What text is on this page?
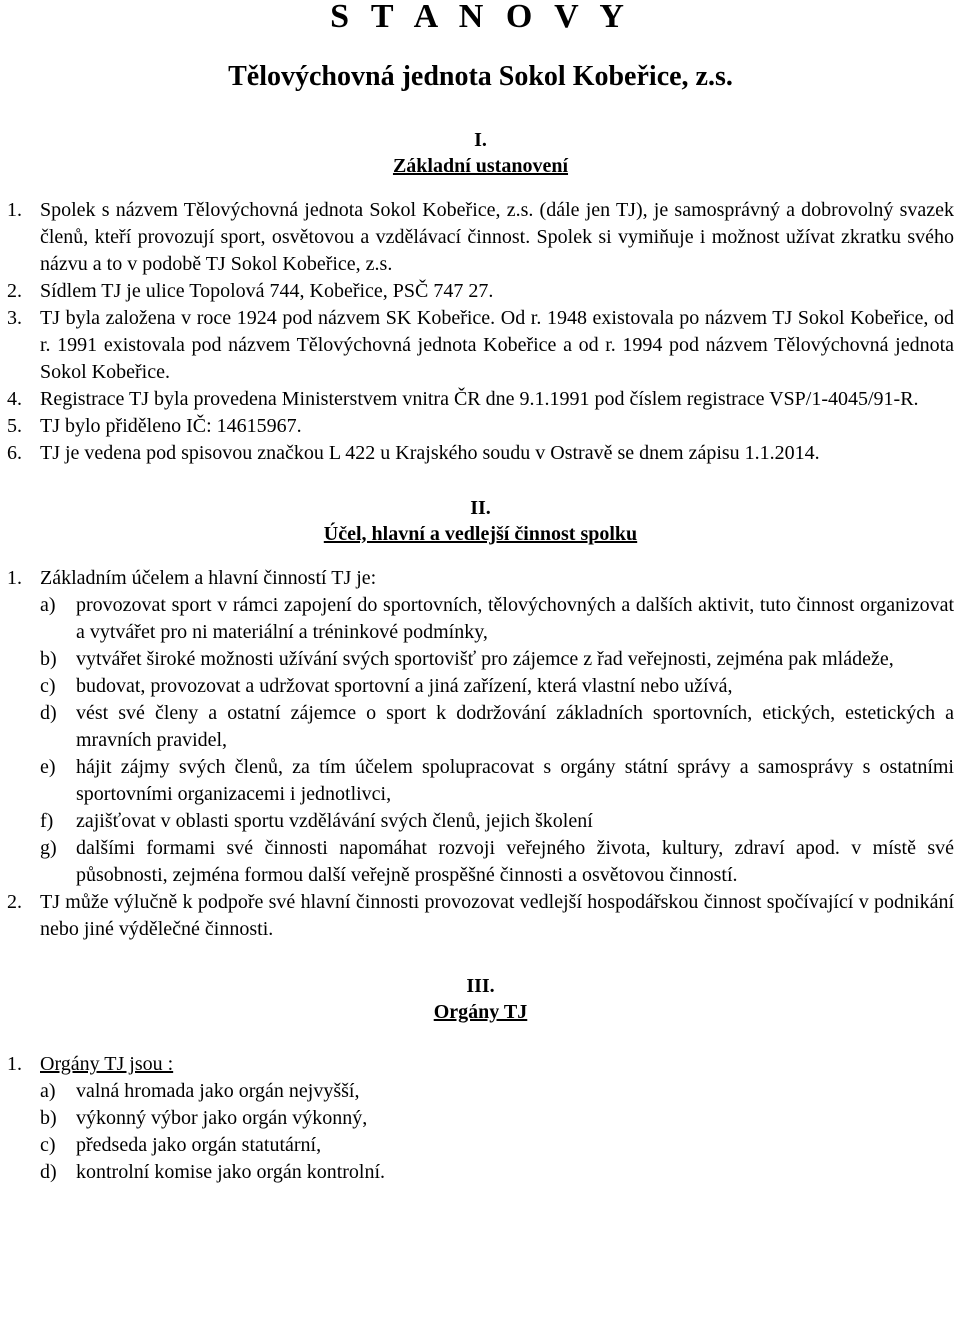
S T A N O V Y
Tělovýchovná jednota Sokol Kobeřice, z.s.
I.
Základní ustanovení
1. Spolek s názvem Tělovýchovná jednota Sokol Kobeřice, z.s. (dále jen TJ), je samosprávný a dobrovolný svazek členů, kteří provozují sport, osvětovou a vzdělávací činnost. Spolek si vymiňuje i možnost užívat zkratku svého názvu a to v podobě TJ Sokol Kobeřice, z.s.
2. Sídlem TJ je ulice Topolová 744, Kobeřice, PSČ 747 27.
3. TJ byla založena v roce 1924 pod názvem SK Kobeřice. Od r. 1948 existovala po názvem TJ Sokol Kobeřice, od r. 1991 existovala pod názvem Tělovýchovná jednota Kobeřice a od r. 1994 pod názvem Tělovýchovná jednota Sokol Kobeřice.
4. Registrace TJ byla provedena Ministerstvem vnitra ČR dne 9.1.1991 pod číslem registrace VSP/1-4045/91-R.
5. TJ bylo přiděleno IČ: 14615967.
6. TJ je vedena pod spisovou značkou L 422 u Krajského soudu v Ostravě se dnem zápisu 1.1.2014.
II.
Účel, hlavní a vedlejší činnost spolku
1. Základním účelem a hlavní činností TJ je:
a)	provozovat sport v rámci zapojení do sportovních, tělovýchovných a dalších aktivit, tuto činnost organizovat a vytvářet pro ni materiální a tréninkové podmínky,
b) vytvářet široké možnosti užívání svých sportovišť pro zájemce z řad veřejnosti, zejména pak mládeže,
c)	budovat, provozovat a udržovat sportovní a jiná zařízení, která vlastní nebo užívá,
d) vést své členy a ostatní zájemce o sport k dodržování základních sportovních, etických, estetických a mravních pravidel,
e)	hájit zájmy svých členů, za tím účelem spolupracovat s orgány státní správy a samosprávy s ostatními sportovními organizacemi i jednotlivci,
f)	zajišťovat v oblasti sportu vzdělávání svých členů, jejich školení
g) dalšími formami své činnosti napomáhat rozvoji veřejného života, kultury, zdraví apod. v místě své působnosti, zejména formou další veřejně prospěšné činnosti a osvětovou činností.
2. TJ může výlučně k podpoře své hlavní činnosti provozovat vedlejší hospodářskou činnost spočívající v podnikání nebo jiné výdělečné činnosti.
III.
Orgány TJ
1. Orgány TJ jsou :
a)	valná hromada jako orgán nejvyšší,
b) výkonný výbor jako orgán výkonný,
c)	předseda jako orgán statutární,
d) kontrolní komise jako orgán kontrolní.
